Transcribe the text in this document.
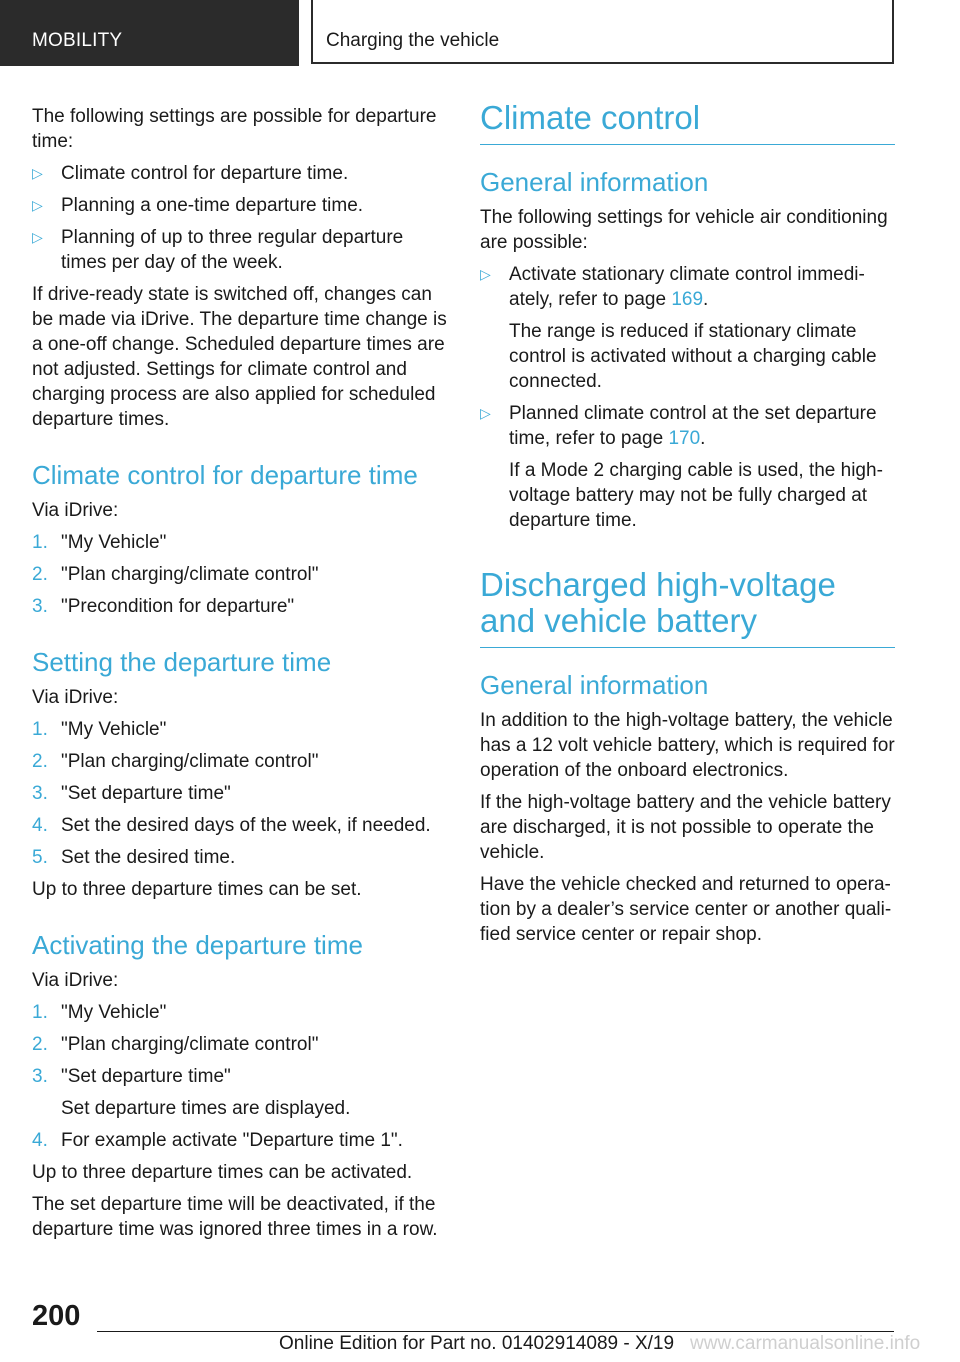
MOBILITY	Charging the vehicle

The following settings are possible for departure time:

▷ Climate control for departure time.
▷ Planning a one-time departure time.
▷ Planning of up to three regular departure times per day of the week.

If drive-ready state is switched off, changes can be made via iDrive. The departure time change is a one-off change. Scheduled departure times are not adjusted. Settings for climate control and charging process are also applied for scheduled departure times.

Climate control for departure time

Via iDrive:

1. "My Vehicle"
2. "Plan charging/climate control"
3. "Precondition for departure"
Setting the departure time

Via iDrive:

1. "My Vehicle"
2. "Plan charging/climate control"
3. "Set departure time"
4. Set the desired days of the week, if needed.
5. Set the desired time.

Up to three departure times can be set.

Activating the departure time

Via iDrive:

1. "My Vehicle"
2. "Plan charging/climate control"
3. "Set departure time"
Set departure times are displayed.
4. For example activate "Departure time 1".

Up to three departure times can be activated.

The set departure time will be deactivated, if the departure time was ignored three times in a row.

Climate control
General information

The following settings for vehicle air conditioning are possible:

▷ Activate stationary climate control immediately, refer to page 169.
The range is reduced if stationary climate control is activated without a charging cable connected.
▷ Planned climate control at the set departure time, refer to page 170.
If a Mode 2 charging cable is used, the high-voltage battery may not be fully charged at departure time.
Discharged high-voltage and vehicle battery
General information

In addition to the high-voltage battery, the vehicle has a 12 volt vehicle battery, which is required for operation of the onboard electronics.

If the high-voltage battery and the vehicle battery are discharged, it is not possible to operate the vehicle.

Have the vehicle checked and returned to operation by a dealer’s service center or another qualified service center or repair shop.

200
Online Edition for Part no. 01402914089 - X/19 www.carmanualsonline.info
